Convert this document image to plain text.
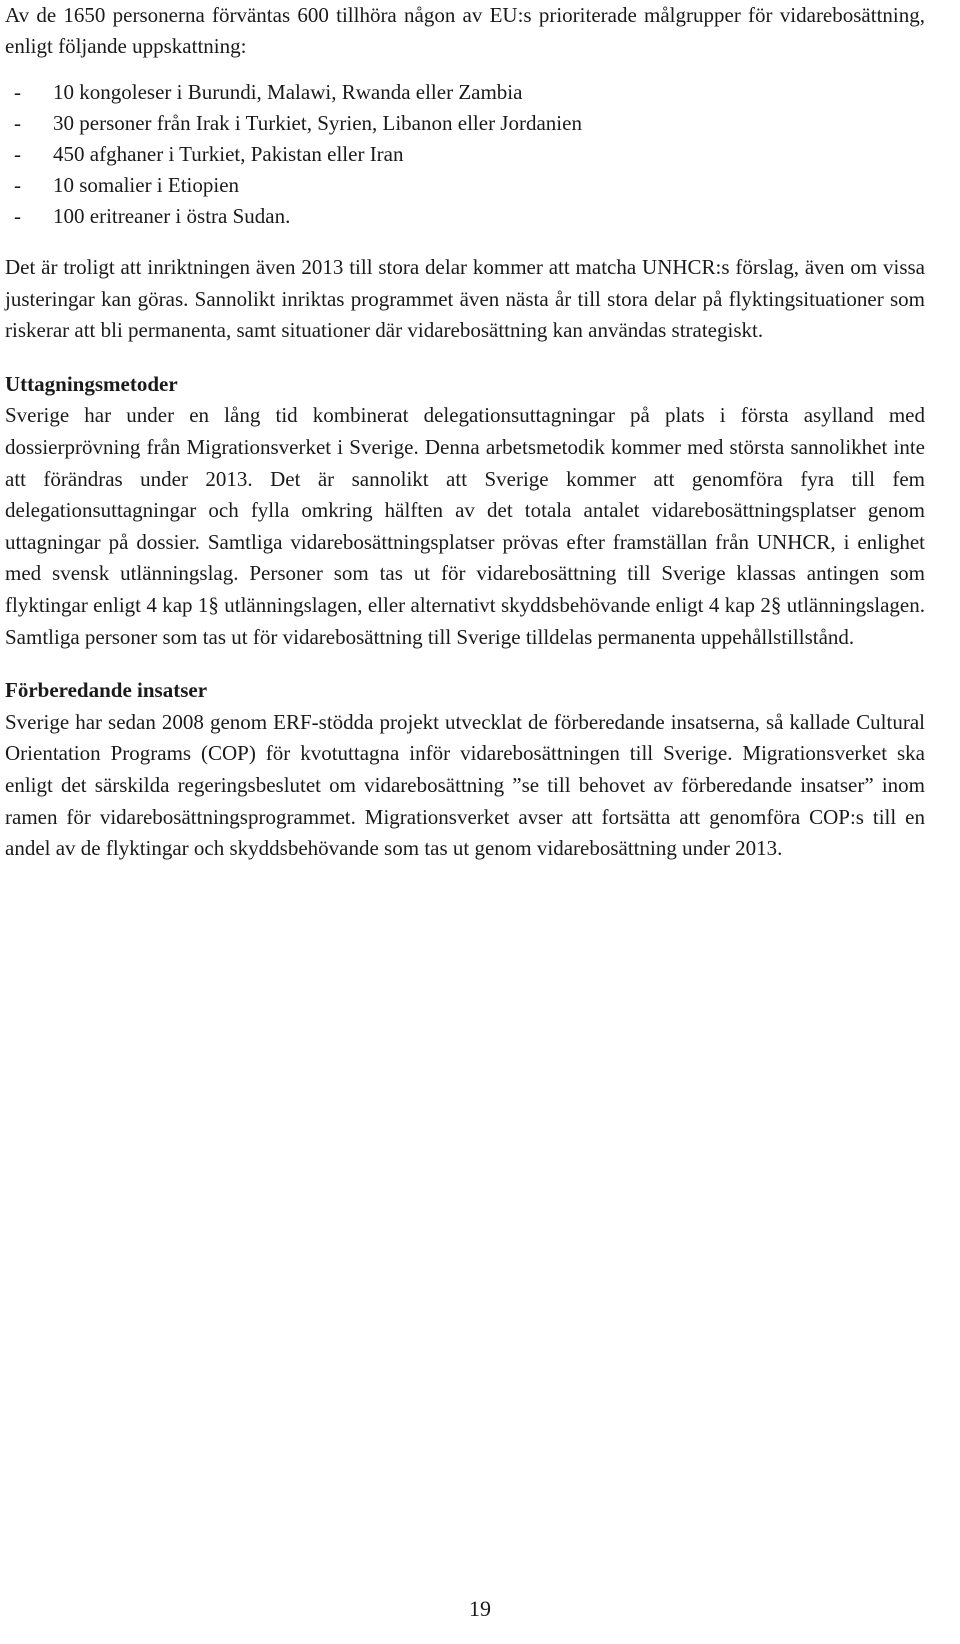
Av de 1650 personerna förväntas 600 tillhöra någon av EU:s prioriterade målgrupper för vidarebosättning, enligt följande uppskattning:

- 10 kongoleser i Burundi, Malawi, Rwanda eller Zambia
- 30 personer från Irak i Turkiet, Syrien, Libanon eller Jordanien
- 450 afghaner i Turkiet, Pakistan eller Iran
- 10 somalier i Etiopien
- 100 eritreaner i östra Sudan.

Det är troligt att inriktningen även 2013 till stora delar kommer att matcha UNHCR:s förslag, även om vissa justeringar kan göras. Sannolikt inriktas programmet även nästa år till stora delar på flyktingsituationer som riskerar att bli permanenta, samt situationer där vidarebosättning kan användas strategiskt.

Uttagningsmetoder

Sverige har under en lång tid kombinerat delegationsuttagningar på plats i första asylland med dossierprövning från Migrationsverket i Sverige. Denna arbetsmetodik kommer med största sannolikhet inte att förändras under 2013. Det är sannolikt att Sverige kommer att genomföra fyra till fem delegationsuttagningar och fylla omkring hälften av det totala antalet vidarebosättningsplatser genom uttagningar på dossier. Samtliga vidarebosättningsplatser prövas efter framställan från UNHCR, i enlighet med svensk utlänningslag. Personer som tas ut för vidarebosättning till Sverige klassas antingen som flyktingar enligt 4 kap 1§ utlänningslagen, eller alternativt skyddsbehövande enligt 4 kap 2§ utlänningslagen. Samtliga personer som tas ut för vidarebosättning till Sverige tilldelas permanenta uppehållstillstånd.

Förberedande insatser

Sverige har sedan 2008 genom ERF-stödda projekt utvecklat de förberedande insatserna, så kallade Cultural Orientation Programs (COP) för kvotuttagna inför vidarebosättningen till Sverige. Migrationsverket ska enligt det särskilda regeringsbeslutet om vidarebosättning ”se till behovet av förberedande insatser” inom ramen för vidarebosättningsprogrammet. Migrationsverket avser att fortsätta att genomföra COP:s till en andel av de flyktingar och skyddsbehövande som tas ut genom vidarebosättning under 2013.

19
